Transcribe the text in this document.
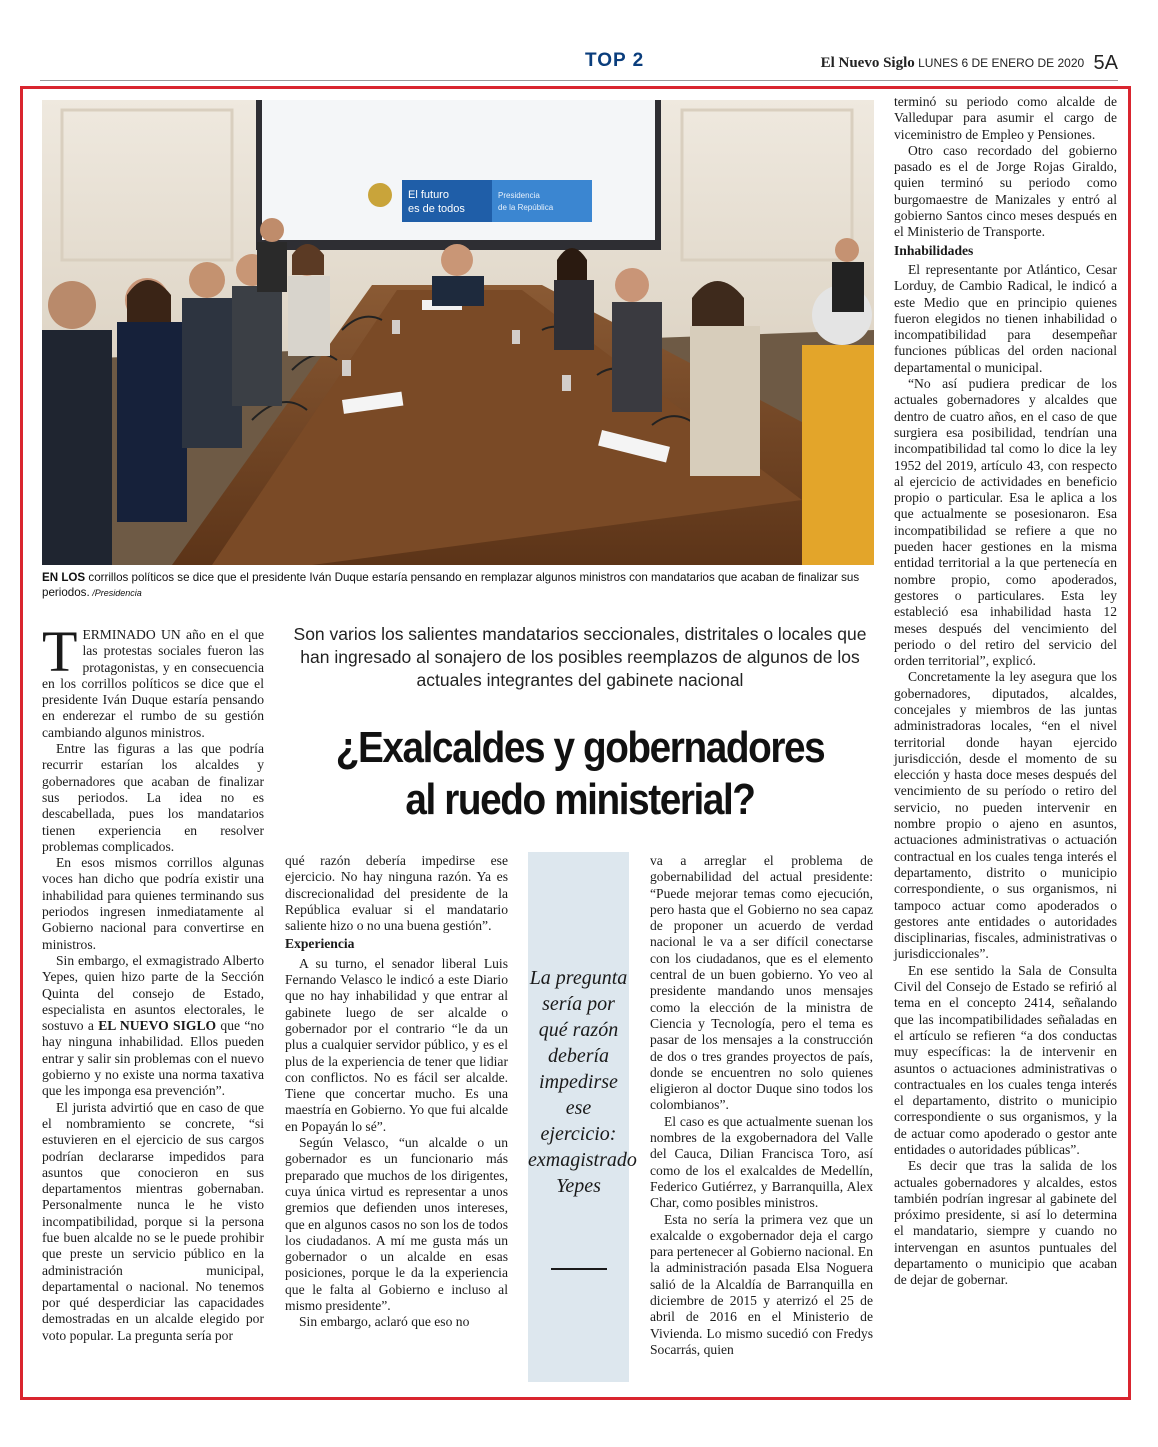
TOP 2	El Nuevo Siglo LUNES 6 DE ENERO DE 2020 5A
El futuro
es de todos
Presidencia
de la República
EN LOS corrillos políticos se dice que el presidente Iván Duque estaría pensando en remplazar algunos ministros con mandatarios que acaban de finalizar sus periodos. /Presidencia

TERMINADO UN año en el que las protestas sociales fueron las protagonistas, y en consecuencia en los corrillos políticos se dice que el presidente Iván Duque estaría pensando en enderezar el rumbo de su gestión cambiando algunos ministros.

Entre las figuras a las que podría recurrir estarían los alcaldes y gobernadores que acaban de finalizar sus periodos. La idea no es descabellada, pues los mandatarios tienen experiencia en resolver problemas complicados.

En esos mismos corrillos algunas voces han dicho que podría existir una inhabilidad para quienes terminando sus periodos ingresen inmediatamente al Gobierno nacional para convertirse en ministros.

Sin embargo, el exmagistrado Alberto Yepes, quien hizo parte de la Sección Quinta del consejo de Estado, especialista en asuntos electorales, le sostuvo a EL NUEVO SIGLO que “no hay ninguna inhabilidad. Ellos pueden entrar y salir sin problemas con el nuevo gobierno y no existe una norma taxativa que les imponga esa prevención”.

El jurista advirtió que en caso de que el nombramiento se concrete, “si estuvieren en el ejercicio de sus cargos podrían declararse impedidos para asuntos que conocieron en sus departamentos mientras gobernaban. Personalmente nunca le he visto incompatibilidad, porque si la persona fue buen alcalde no se le puede prohibir que preste un servicio público en la administración municipal, departamental o nacional. No tenemos por qué desperdiciar las capacidades demostradas en un alcalde elegido por voto popular. La pregunta sería por

Son varios los salientes mandatarios seccionales, distritales o locales que han ingresado al sonajero de los posibles reemplazos de algunos de los actuales integrantes del gabinete nacional
¿Exalcaldes y gobernadores
al ruedo ministerial?

qué razón debería impedirse ese ejercicio. No hay ninguna razón. Ya es discrecionalidad del presidente de la República evaluar si el mandatario saliente hizo o no una buena gestión”.

Experiencia

A su turno, el senador liberal Luis Fernando Velasco le indicó a este Diario que no hay inhabilidad y que entrar al gabinete luego de ser alcalde o gobernador por el contrario “le da un plus a cualquier servidor público, y es el plus de la experiencia de tener que lidiar con conflictos. No es fácil ser alcalde. Tiene que concertar mucho. Es una maestría en Gobierno. Yo que fui alcalde en Popayán lo sé”.

Según Velasco, “un alcalde o un gobernador es un funcionario más preparado que muchos de los dirigentes, cuya única virtud es representar a unos gremios que defienden unos intereses, que en algunos casos no son los de todos los ciudadanos. A mí me gusta más un gobernador o un alcalde en esas posiciones, porque le da la experiencia que le falta al Gobierno e incluso al mismo presidente”.

Sin embargo, aclaró que eso no

La pregunta sería por qué razón debería impedirse ese ejercicio: exmagistrado Yepes

va a arreglar el problema de gobernabilidad del actual presidente: “Puede mejorar temas como ejecución, pero hasta que el Gobierno no sea capaz de proponer un acuerdo de verdad nacional le va a ser difícil conectarse con los ciudadanos, que es el elemento central de un buen gobierno. Yo veo al presidente mandando unos mensajes como la elección de la ministra de Ciencia y Tecnología, pero el tema es pasar de los mensajes a la construcción de dos o tres grandes proyectos de país, donde se encuentren no solo quienes eligieron al doctor Duque sino todos los colombianos”.

El caso es que actualmente suenan los nombres de la exgobernadora del Valle del Cauca, Dilian Francisca Toro, así como de los el exalcaldes de Medellín, Federico Gutiérrez, y Barranquilla, Alex Char, como posibles ministros.

Esta no sería la primera vez que un exalcalde o exgobernador deja el cargo para pertenecer al Gobierno nacional. En la administración pasada Elsa Noguera salió de la Alcaldía de Barranquilla en diciembre de 2015 y aterrizó el 25 de abril de 2016 en el Ministerio de Vivienda. Lo mismo sucedió con Fredys Socarrás, quien

terminó su periodo como alcalde de Valledupar para asumir el cargo de viceministro de Empleo y Pensiones.

Otro caso recordado del gobierno pasado es el de Jorge Rojas Giraldo, quien terminó su periodo como burgomaestre de Manizales y entró al gobierno Santos cinco meses después en el Ministerio de Transporte.

Inhabilidades

El representante por Atlántico, Cesar Lorduy, de Cambio Radical, le indicó a este Medio que en principio quienes fueron elegidos no tienen inhabilidad o incompatibilidad para desempeñar funciones públicas del orden nacional departamental o municipal.

“No así pudiera predicar de los actuales gobernadores y alcaldes que dentro de cuatro años, en el caso de que surgiera esa posibilidad, tendrían una incompatibilidad tal como lo dice la ley 1952 del 2019, artículo 43, con respecto al ejercicio de actividades en beneficio propio o particular. Esa le aplica a los que actualmente se posesionaron. Esa incompatibilidad se refiere a que no pueden hacer gestiones en la misma entidad territorial a la que pertenecía en nombre propio, como apoderados, gestores o particulares. Esta ley estableció esa inhabilidad hasta 12 meses después del vencimiento del periodo o del retiro del servicio del orden territorial”, explicó.

Concretamente la ley asegura que los gobernadores, diputados, alcaldes, concejales y miembros de las juntas administradoras locales, “en el nivel territorial donde hayan ejercido jurisdicción, desde el momento de su elección y hasta doce meses después del vencimiento de su período o retiro del servicio, no pueden intervenir en nombre propio o ajeno en asuntos, actuaciones administrativas o actuación contractual en los cuales tenga interés el departamento, distrito o municipio correspondiente, o sus organismos, ni tampoco actuar como apoderados o gestores ante entidades o autoridades disciplinarias, fiscales, administrativas o jurisdiccionales”.

En ese sentido la Sala de Consulta Civil del Consejo de Estado se refirió al tema en el concepto 2414, señalando que las incompatibilidades señaladas en el artículo se refieren “a dos conductas muy específicas: la de intervenir en asuntos o actuaciones administrativas o contractuales en los cuales tenga interés el departamento, distrito o municipio correspondiente o sus organismos, y la de actuar como apoderado o gestor ante entidades o autoridades públicas”.

Es decir que tras la salida de los actuales gobernadores y alcaldes, estos también podrían ingresar al gabinete del próximo presidente, si así lo determina el mandatario, siempre y cuando no intervengan en asuntos puntuales del departamento o municipio que acaban de dejar de gobernar.
